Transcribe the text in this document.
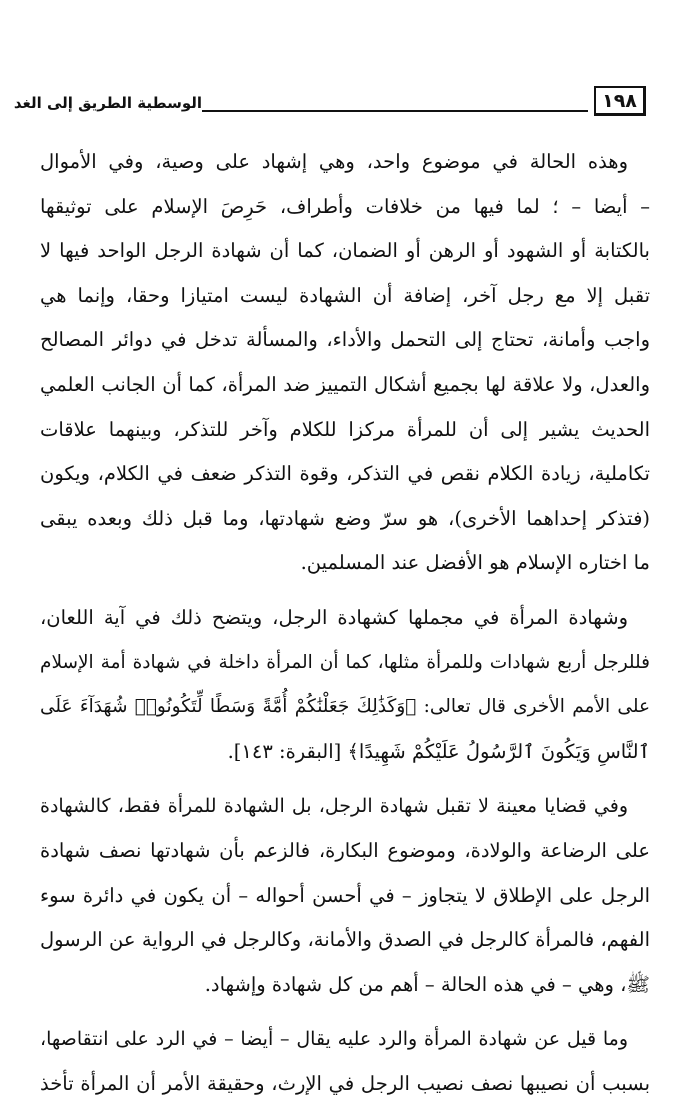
١٩٨
الوسطية الطريق إلى الغد
وهذه الحالة في موضوع واحد، وهي إشهاد على وصية، وفي الأموال
– أيضا – ؛ لما فيها من خلافات وأطراف، حَرِصَ الإسلام على توثيقها
بالكتابة أو الشهود أو الرهن أو الضمان، كما أن شهادة الرجل الواحد فيها لا
تقبل إلا مع رجل آخر، إضافة أن الشهادة ليست امتيازا وحقا، وإنما هي
واجب وأمانة، تحتاج إلى التحمل والأداء، والمسألة تدخل في دوائر المصالح
والعدل، ولا علاقة لها بجميع أشكال التمييز ضد المرأة، كما أن الجانب العلمي
الحديث يشير إلى أن للمرأة مركزا للكلام وآخر للتذكر، وبينهما علاقات
تكاملية، زيادة الكلام نقص في التذكر، وقوة التذكر ضعف في الكلام، ويكون
(فتذكر إحداهما الأخرى)، هو سرّ وضع شهادتها، وما قبل ذلك وبعده يبقى
ما اختاره الإسلام هو الأفضل عند المسلمين.
وشهادة المرأة في مجملها كشهادة الرجل، ويتضح ذلك في آية اللعان،
فللرجل أربع شهادات وللمرأة مثلها، كما أن المرأة داخلة في شهادة أمة الإسلام
على الأمم الأخرى قال تعالى: ﴿وَكَذَٰلِكَ جَعَلْنَٰكُمْ أُمَّةً وَسَطًا لِّتَكُونُوا۟ شُهَدَآءَ عَلَى
ٱلنَّاسِ وَيَكُونَ ٱلرَّسُولُ عَلَيْكُمْ شَهِيدًا﴾ [البقرة: ١٤٣].
وفي قضايا معينة لا تقبل شهادة الرجل، بل الشهادة للمرأة فقط، كالشهادة
على الرضاعة والولادة، وموضوع البكارة، فالزعم بأن شهادتها نصف شهادة
الرجل على الإطلاق لا يتجاوز – في أحسن أحواله – أن يكون في دائرة سوء
الفهم، فالمرأة كالرجل في الصدق والأمانة، وكالرجل في الرواية عن الرسول
ﷺ، وهي – في هذه الحالة – أهم من كل شهادة وإشهاد.
وما قيل عن شهادة المرأة والرد عليه يقال – أيضا – في الرد على انتقاصها،
بسبب أن نصيبها نصف نصيب الرجل في الإرث، وحقيقة الأمر أن المرأة تأخذ
